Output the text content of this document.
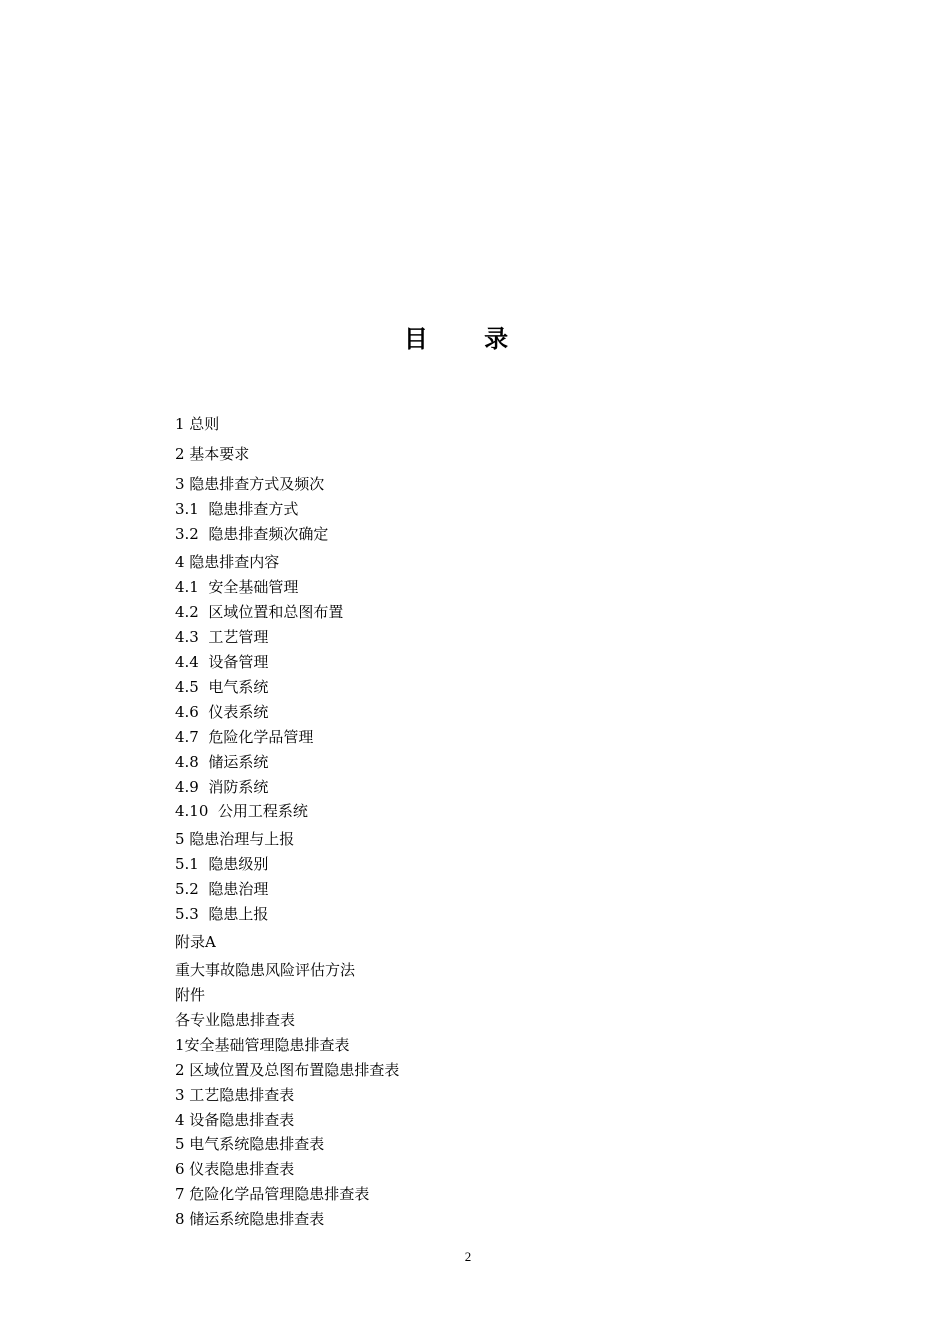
目 录
1 总则
2 基本要求
3 隐患排查方式及频次
3.1  隐患排查方式
3.2  隐患排查频次确定
4 隐患排查内容
4.1  安全基础管理
4.2  区域位置和总图布置
4.3  工艺管理
4.4  设备管理
4.5  电气系统
4.6  仪表系统
4.7  危险化学品管理
4.8  储运系统
4.9  消防系统
4.10  公用工程系统
5 隐患治理与上报
5.1  隐患级别
5.2  隐患治理
5.3  隐患上报
附录A
重大事故隐患风险评估方法
附件
各专业隐患排查表
1安全基础管理隐患排查表
2 区域位置及总图布置隐患排查表
3 工艺隐患排查表
4 设备隐患排查表
5 电气系统隐患排查表
6 仪表隐患排查表
7 危险化学品管理隐患排查表
8 储运系统隐患排查表
2
